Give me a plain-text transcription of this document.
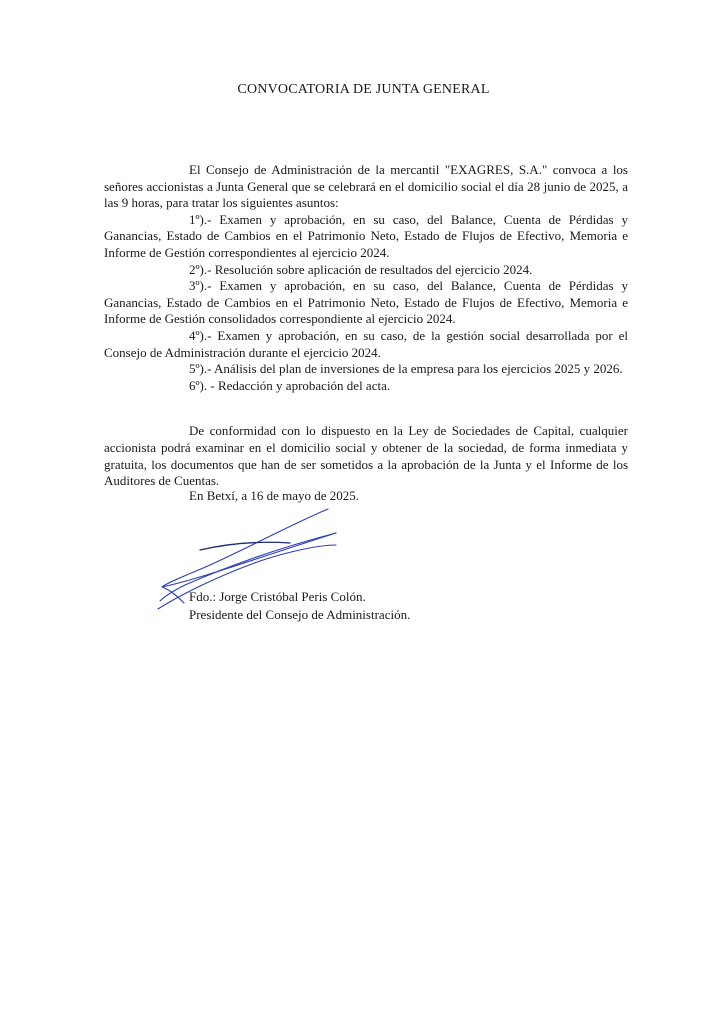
CONVOCATORIA DE JUNTA GENERAL

El Consejo de Administración de la mercantil "EXAGRES, S.A." convoca a los señores accionistas a Junta General que se celebrará en el domicilio social el día 28 junio de 2025, a las 9 horas, para tratar los siguientes asuntos:

1º).- Examen y aprobación, en su caso, del Balance, Cuenta de Pérdidas y Ganancias, Estado de Cambios en el Patrimonio Neto, Estado de Flujos de Efectivo, Memoria e Informe de Gestión correspondientes al ejercicio 2024.

2º).- Resolución sobre aplicación de resultados del ejercicio 2024.

3º).- Examen y aprobación, en su caso, del Balance, Cuenta de Pérdidas y Ganancias, Estado de Cambios en el Patrimonio Neto, Estado de Flujos de Efectivo, Memoria e Informe de Gestión consolidados correspondiente al ejercicio 2024.

4º).- Examen y aprobación, en su caso, de la gestión social desarrollada por el Consejo de Administración durante el ejercicio 2024.

5º).- Análisis del plan de inversiones de la empresa para los ejercicios 2025 y 2026.

6º). - Redacción y aprobación del acta.

De conformidad con lo dispuesto en la Ley de Sociedades de Capital, cualquier accionista podrá examinar en el domicilio social y obtener de la sociedad, de forma inmediata y gratuita, los documentos que han de ser sometidos a la aprobación de la Junta y el Informe de los Auditores de Cuentas.

En Betxí, a 16 de mayo de 2025.
Fdo.: Jorge Cristóbal Peris Colón.
Presidente del Consejo de Administración.
